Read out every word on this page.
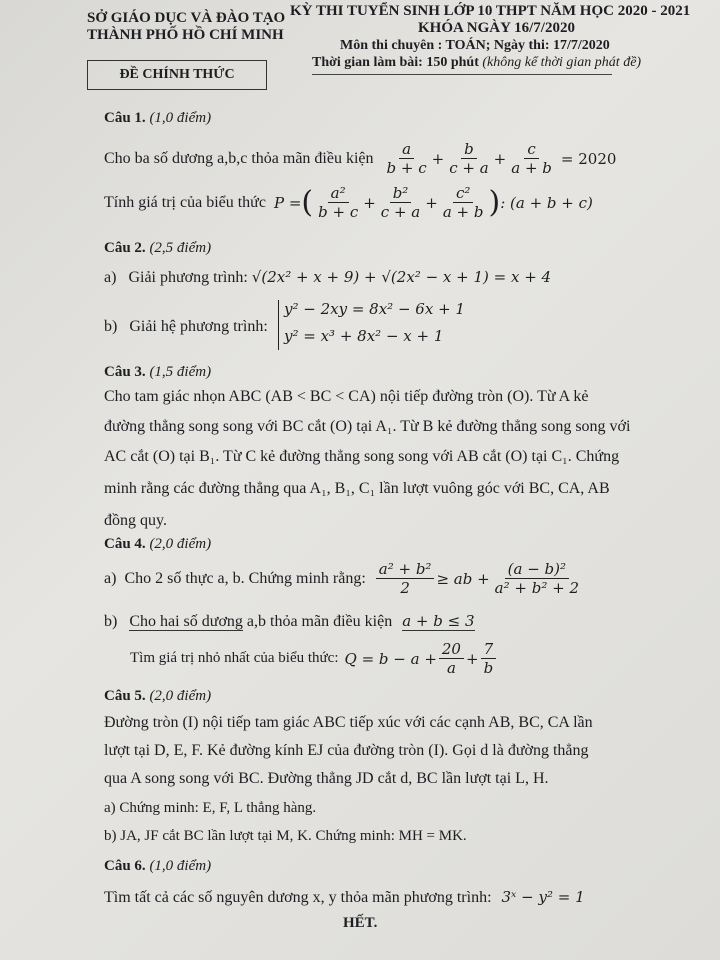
SỞ GIÁO DỤC VÀ ĐÀO TẠO
THÀNH PHỐ HỒ CHÍ MINH
KỲ THI TUYỂN SINH LỚP 10 THPT NĂM HỌC 2020 - 2021
KHÓA NGÀY 16/7/2020
Môn thi chuyên : TOÁN; Ngày thi: 17/7/2020
Thời gian làm bài: 150 phút (không kể thời gian phát đề)
ĐỀ CHÍNH THỨC
Câu 1. (1,0 điểm)
Cho ba số dương a,b,c thỏa mãn điều kiện $\frac{a}{b + c} + \frac{b}{c + a} + \frac{c}{a + b} = 2020$
Tính giá trị của biểu thức P = ( $\frac{\text{a²}}{b + c} + \frac{\text{b²}}{c + a} + \frac{\text{c²}}{a + b}$ ) : (a + b + c)
Câu 2. (2,5 điểm)
a) Giải phương trình: √(2x² + x + 9) + √(2x² − x + 1) = x + 4
b) Giải hệ phương trình:
y² − 2xy = 8x² − 6x + 1
y² = x³ + 8x² − x + 1
Câu 3. (1,5 điểm)
Cho tam giác nhọn ABC (AB < BC < CA) nội tiếp đường tròn (O). Từ A kẻ
đường thẳng song song với BC cắt (O) tại A₁. Từ B kẻ đường thẳng song song với
AC cắt (O) tại B₁. Từ C kẻ đường thẳng song song với AB cắt (O) tại C₁. Chứng
minh rằng các đường thẳng qua A₁, B₁, C₁ lần lượt vuông góc với BC, CA, AB
đồng quy.
Câu 4. (2,0 điểm)
a)
Cho 2 số thực a, b. Chứng minh rằng: $\frac{\text{a² + b²}}{2}$ ≥ ab + $\frac{\text{(a − b)²}}{\text{a² + b² + 2}}$
b) Cho hai số dương a,b thỏa mãn điều kiện a + b ≤ 3
Tìm giá trị nhỏ nhất của biểu thức: $Q = b - a + \frac{20}{a} + \frac{7}{b}$
Câu 5. (2,0 điểm)
Đường tròn (I) nội tiếp tam giác ABC tiếp xúc với các cạnh AB, BC, CA lần
lượt tại D, E, F. Kẻ đường kính EJ của đường tròn (I). Gọi d là đường thẳng
qua A song song với BC. Đường thẳng JD cắt d, BC lần lượt tại L, H.
a) Chứng minh: E, F, L thẳng hàng.
b) JA, JF cắt BC lần lượt tại M, K. Chứng minh: MH = MK.
Câu 6. (1,0 điểm)
Tìm tất cả các số nguyên dương x, y thỏa mãn phương trình: 3ˣ − y² = 1
HẾT.
